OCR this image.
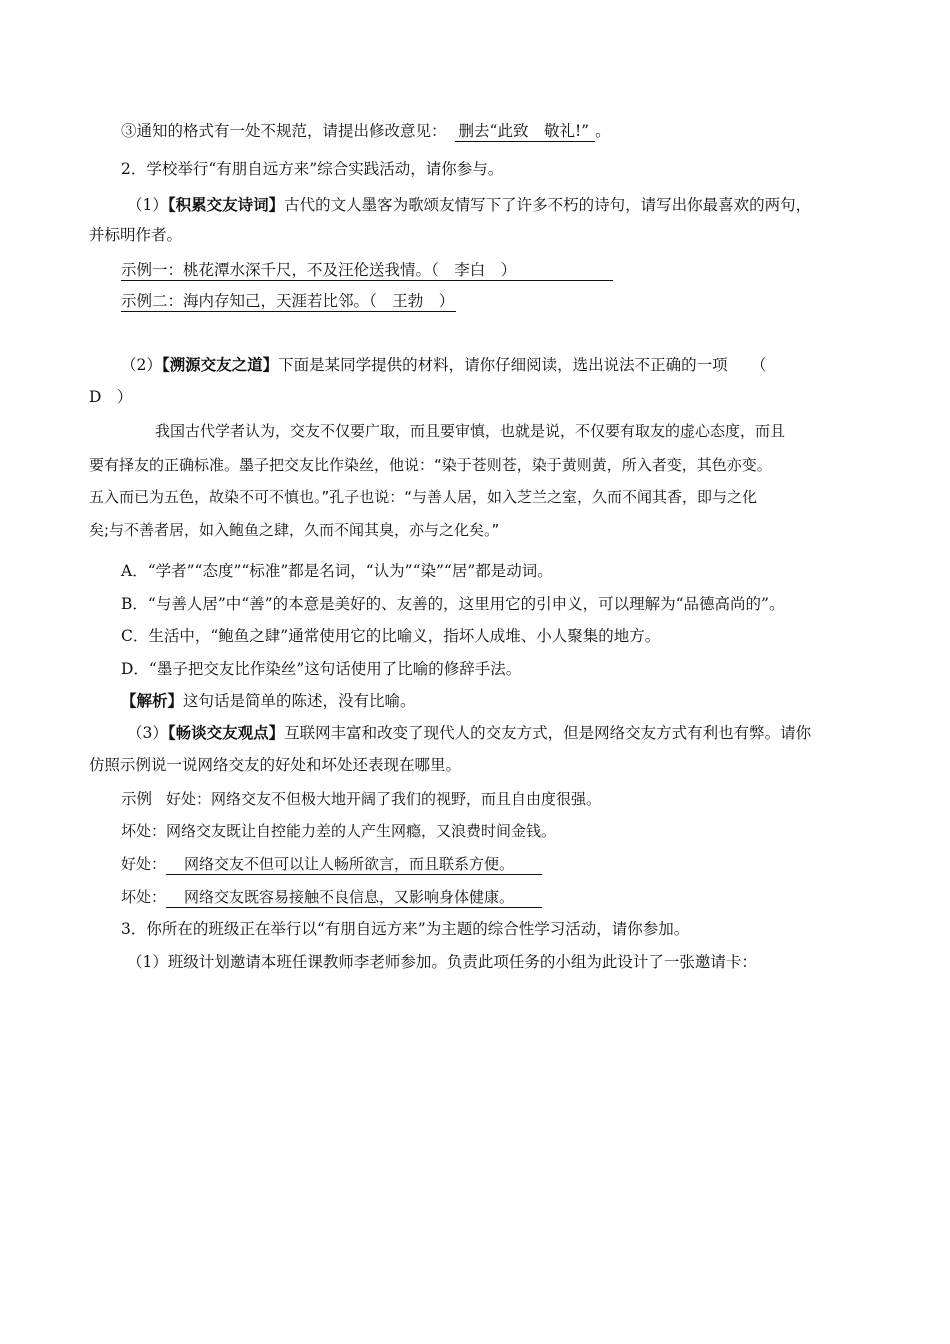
③通知的格式有一处不规范，请提出修改意见： 删去“此致　敬礼!” 。
2．学校举行“有朋自远方来”综合实践活动，请你参与。
（1）【积累交友诗词】古代的文人墨客为歌颂友情写下了许多不朽的诗句，请写出你最喜欢的两句，
并标明作者。
示例一：桃花潭水深千尺，不及汪伦送我情。（　李白　）
示例二：海内存知己，天涯若比邻。（　王勃　）
（2）【溯源交友之道】下面是某同学提供的材料，请你仔细阅读，选出说法不正确的一项　　（
D　）
我国古代学者认为，交友不仅要广取，而且要审慎，也就是说，不仅要有取友的虚心态度，而且
要有择友的正确标准。墨子把交友比作染丝，他说：“染于苍则苍，染于黄则黄，所入者变，其色亦变。
五入而已为五色，故染不可不慎也。”孔子也说：“与善人居，如入芝兰之室，久而不闻其香，即与之化
矣;与不善者居，如入鲍鱼之肆，久而不闻其臭，亦与之化矣。”
A．“学者”“态度”“标准”都是名词，“认为”“染”“居”都是动词。
B．“与善人居”中“善”的本意是美好的、友善的，这里用它的引申义，可以理解为“品德高尚的”。
C．生活中，“鲍鱼之肆”通常使用它的比喻义，指坏人成堆、小人聚集的地方。
D．“墨子把交友比作染丝”这句话使用了比喻的修辞手法。
【解析】这句话是简单的陈述，没有比喻。
（3）【畅谈交友观点】互联网丰富和改变了现代人的交友方式，但是网络交友方式有利也有弊。请你
仿照示例说一说网络交友的好处和坏处还表现在哪里。
示例 好处：网络交友不但极大地开阔了我们的视野，而且自由度很强。
坏处：网络交友既让自控能力差的人产生网瘾，又浪费时间金钱。
好处： 网络交友不但可以让人畅所欲言，而且联系方便。
坏处： 网络交友既容易接触不良信息，又影响身体健康。
3．你所在的班级正在举行以“有朋自远方来”为主题的综合性学习活动，请你参加。
（1）班级计划邀请本班任课教师李老师参加。负责此项任务的小组为此设计了一张邀请卡：
